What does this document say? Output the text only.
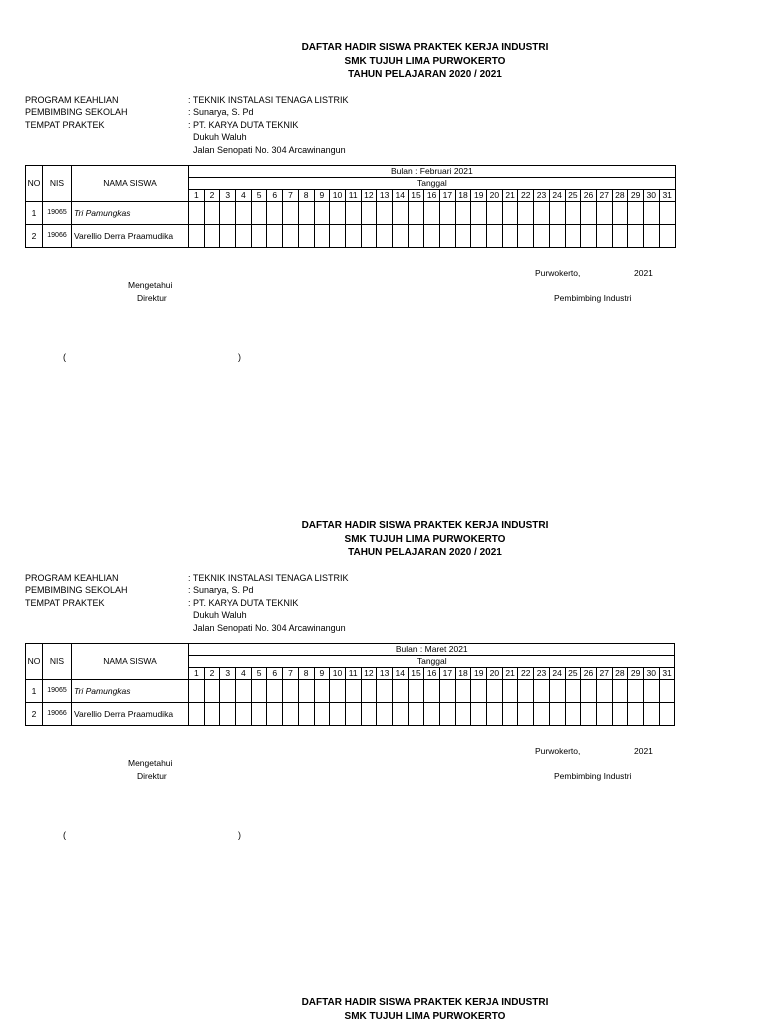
DAFTAR HADIR SISWA PRAKTEK KERJA INDUSTRI
SMK TUJUH LIMA PURWOKERTO
TAHUN PELAJARAN 2020 / 2021
PROGRAM KEAHLIAN	: TEKNIK INSTALASI TENAGA LISTRIK
PEMBIMBING SEKOLAH	: Sunarya, S. Pd
TEMPAT PRAKTEK	: PT. KARYA DUTA TEKNIK
Dukuh Waluh
Jalan Senopati No. 304 Arcawinangun
NO	NIS	NAMA SISWA	Bulan : Februari 2021																														
			Tanggal																														
			1	2	3	4	5	6	7	8	9	10	11	12	13	14	15	16	17	18	19	20	21	22	23	24	25	26	27	28	29	30	31
1	19065	Tri Pamungkas																															
2	19066	Varellio Derra Praamudika																															
Purwokerto,	2021
Mengetahui
Direktur	Pembimbing Industri
(	)
DAFTAR HADIR SISWA PRAKTEK KERJA INDUSTRI
SMK TUJUH LIMA PURWOKERTO
TAHUN PELAJARAN 2020 / 2021
PROGRAM KEAHLIAN	: TEKNIK INSTALASI TENAGA LISTRIK
PEMBIMBING SEKOLAH	: Sunarya, S. Pd
TEMPAT PRAKTEK	: PT. KARYA DUTA TEKNIK
Dukuh Waluh
Jalan Senopati No. 304 Arcawinangun
NO	NIS	NAMA SISWA	Bulan : Maret 2021																														
			Tanggal																														
			1	2	3	4	5	6	7	8	9	10	11	12	13	14	15	16	17	18	19	20	21	22	23	24	25	26	27	28	29	30	31
1	19065	Tri Pamungkas																															
2	19066	Varellio Derra Praamudika																															
Purwokerto,	2021
Mengetahui
Direktur	Pembimbing Industri
(	)
DAFTAR HADIR SISWA PRAKTEK KERJA INDUSTRI
SMK TUJUH LIMA PURWOKERTO
